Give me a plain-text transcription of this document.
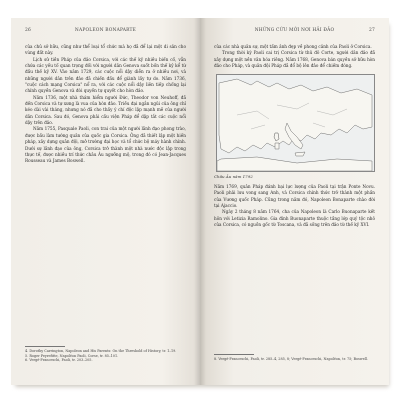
26	NAPOLEON BONAPARTE

của chủ sở hữu, cũng như thể loại tổ chức mà họ đã để lại một di sản cho vùng đất này.

Lịch sử tiền Pháp của đảo Corsica, với các thế kỷ nhiều biến cố, vẫn chứa các yếu tố quan trọng đối với người dân Genova suốt bốn thế kỷ kể từ đầu thế kỷ XV. Vào năm 1729, các cuộc nổi dậy diễn ra ở nhiều nơi, và những người dân trên đảo đã chiến đấu để giành lấy tự do. Năm 1736, "cuộc cách mạng Corsica" nổ ra, với các cuộc nổi dậy liên tiếp chống lại chính quyền Genova và đòi quyền tự quyết cho hòn đảo.

Năm 1736, một nhà thám hiểm người Đức, Theodor von Neuhoff, đã đến Corsica và tự xưng là vua của hòn đảo. Triều đại ngắn ngủi của ông chỉ kéo dài vài tháng, nhưng nó đã cho thấy ý chí độc lập mạnh mẽ của người dân Corsica. Sau đó, Genova phải cầu viện Pháp để dập tắt các cuộc nổi dậy trên đảo.

Năm 1755, Pasquale Paoli, con trai của một người lãnh đạo phong trào, được bầu làm tướng quân của quốc gia Corsica. Ông đã thiết lập một hiến pháp, xây dựng quân đội, mở trường đại học và tổ chức bộ máy hành chính. Dưới sự lãnh đạo của ông, Corsica trở thành một nhà nước độc lập trong thực tế, được nhiều trí thức châu Âu ngưỡng mộ, trong đó có Jean-Jacques Rousseau và James Boswell.

4. Dorothy Carrington, Napoleon and His Parents: On the Threshold of History, tr. 1–19.
5. Roger Peyrefitte, Napoléon Paoli, Corse, tr. 85–101.
6. Vergé-Franceschi, Paoli, tr. 203–205.
NHỮNG CỨU MỚI NƠI HẢI ĐẢO	27

của các nhà quân sự, một tấm ảnh đẹp về phong cảnh của Paoli ở Corsica.

Trong thời kỳ Paoli cai trị Corsica từ thủ đô Corte, người dân đảo đã xây dựng một nền văn hóa riêng. Năm 1768, Genova bán quyền sở hữu hòn đảo cho Pháp, và quân đội Pháp đã đổ bộ lên đảo để chiếm đóng.

Châu Âu năm 1792

Năm 1769, quân Pháp đánh bại lực lượng của Paoli tại trận Ponte Novu. Paoli phải lưu vong sang Anh, và Corsica chính thức trở thành một phần của Vương quốc Pháp. Cũng trong năm đó, Napoleon Bonaparte chào đời tại Ajaccio.

Ngày 2 tháng 8 năm 1764, cha của Napoleon là Carlo Buonaparte kết hôn với Letizia Ramolino. Gia đình Buonaparte thuộc tầng lớp quý tộc nhỏ của Corsica, có nguồn gốc từ Toscana, và đã sống trên đảo từ thế kỷ XVI.

8. Vergé-Franceschi, Paoli, tr. 285–4, 285, 8; Vergé-Franceschi, Napoléon, tr. 75; Boswell.
